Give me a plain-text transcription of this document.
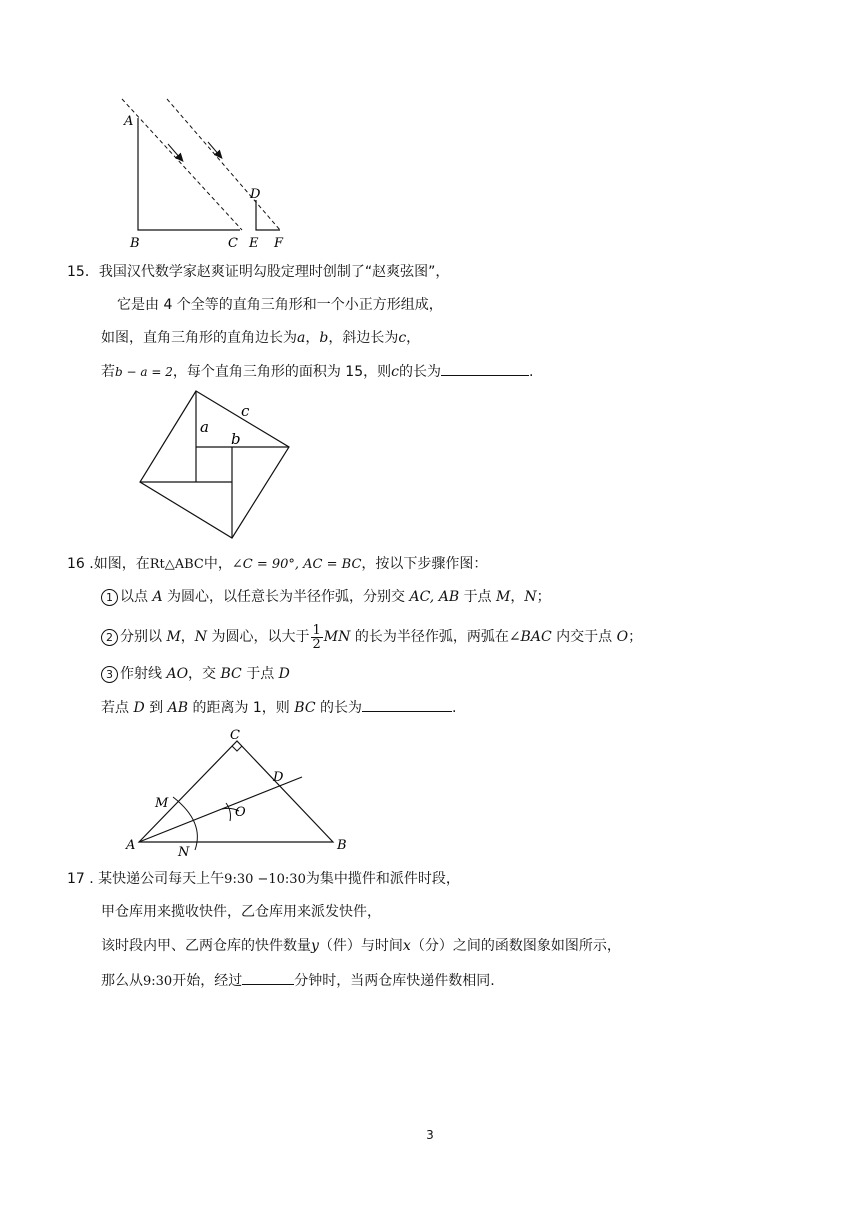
A
B	C
D
E F
15．我国汉代数学家赵爽证明勾股定理时创制了“赵爽弦图”，
它是由 4 个全等的直角三角形和一个小正方形组成，
如图，直角三角形的直角边长为a，b，斜边长为c，
若b − a = 2，每个直角三角形的面积为 15，则c的长为	.
a
b
c
16 .如图，在Rt△ABC中，∠C = 90°, AC = BC，按以下步骤作图：
1 以点 A 为圆心，以任意长为半径作弧，分别交 AC, AB 于点 M，N；
2 分别以 M，N 为圆心，以大于 $\frac{1}{2}$ MN 的长为半径作弧，两弧在∠BAC 内交于点 O；
3 作射线 AO，交 BC 于点 D
若点 D 到 AB 的距离为 1，则 BC 的长为	.
A	B
C
D
M
N
O
17 . 某快递公司每天上午9:30 −10:30为集中揽件和派件时段，
甲仓库用来揽收快件，乙仓库用来派发快件，
该时段内甲、乙两仓库的快件数量y（件）与时间x（分）之间的函数图象如图所示，
那么从9:30开始，经过	分钟时，当两仓库快递件数相同.
3
